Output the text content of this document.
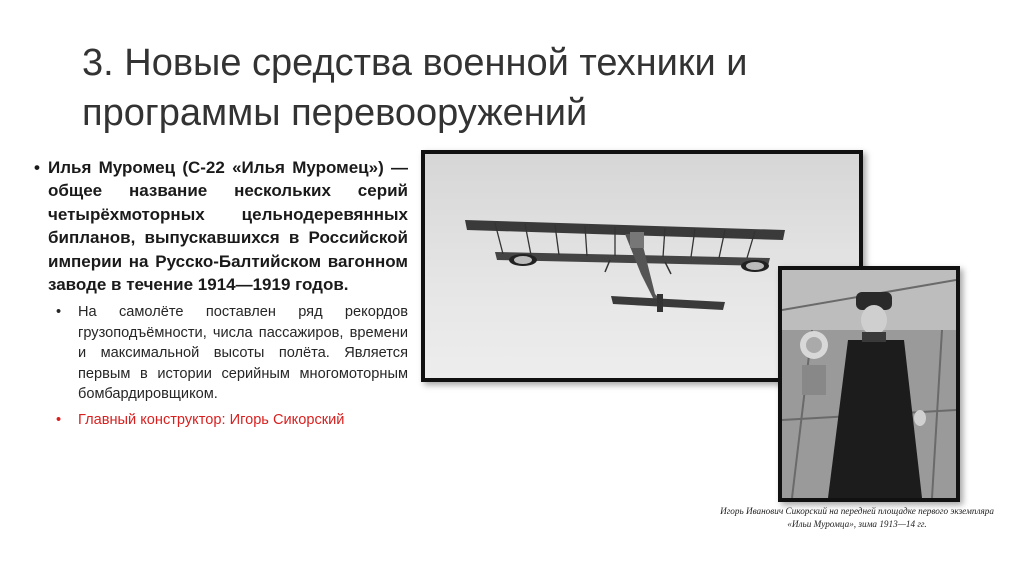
3. Новые средства военной техники и программы перевооружений
• Илья Муромец (С-22 «Илья Муромец») — общее название нескольких серий четырёхмоторных цельнодеревянных бипланов, выпускавшихся в Российской империи на Русско-Балтийском вагонном заводе в течение 1914—1919 годов.
• На самолёте поставлен ряд рекордов грузоподъёмности, числа пассажиров, времени и максимальной высоты полёта. Является первым в истории серийным многомоторным бомбардировщиком.
• Главный конструктор: Игорь Сикорский
Игорь Иванович Сикорский на передней площадке первого экземпляра «Ильи Муромца», зима 1913—14 гг.
